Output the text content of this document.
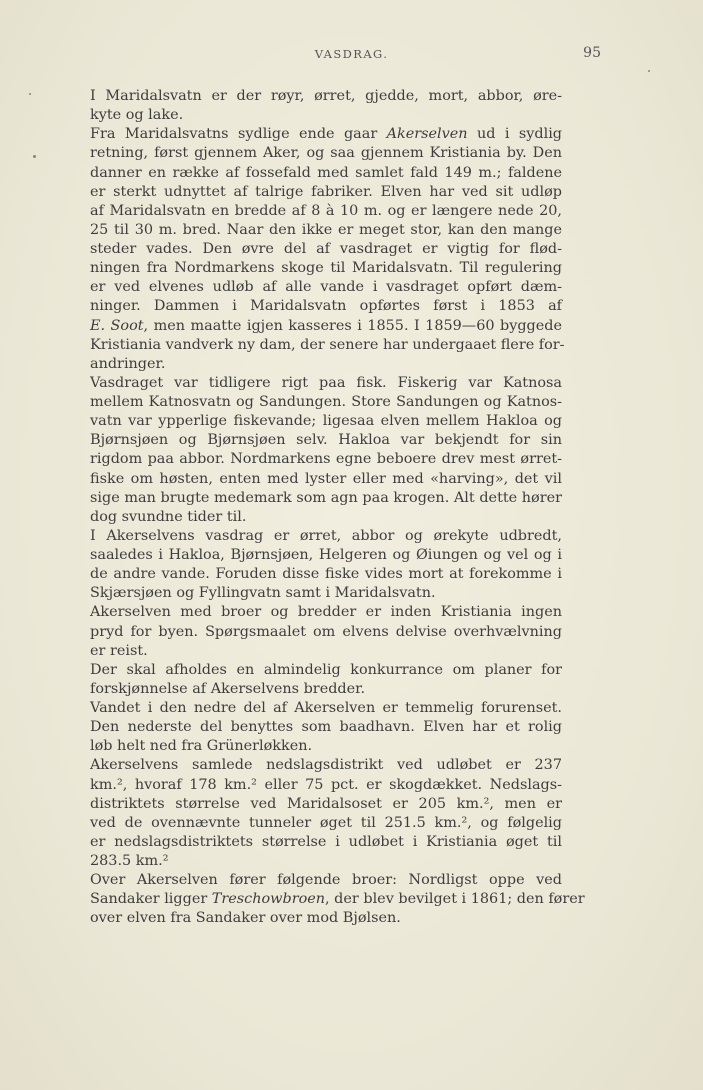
VASDRAG.	95

I Maridalsvatn er der røyr, ørret, gjedde, mort, abbor, øre-
kyte og lake.

Fra Maridalsvatns sydlige ende gaar Akerselven ud i sydlig
retning, først gjennem Aker, og saa gjennem Kristiania by. Den
danner en række af fossefald med samlet fald 149 m.; faldene
er sterkt udnyttet af talrige fabriker. Elven har ved sit udløp
af Maridalsvatn en bredde af 8 à 10 m. og er længere nede 20,
25 til 30 m. bred. Naar den ikke er meget stor, kan den mange
steder vades. Den øvre del af vasdraget er vigtig for flød-
ningen fra Nordmarkens skoge til Maridalsvatn. Til regulering
er ved elvenes udløb af alle vande i vasdraget opført dæm-
ninger. Dammen i Maridalsvatn opførtes først i 1853 af
E. Soot, men maatte igjen kasseres i 1855. I 1859—60 byggede
Kristiania vandverk ny dam, der senere har undergaaet flere for-
andringer.

Vasdraget var tidligere rigt paa fisk. Fiskerig var Katnosa
mellem Katnosvatn og Sandungen. Store Sandungen og Katnos-
vatn var ypperlige fiskevande; ligesaa elven mellem Hakloa og
Bjørnsjøen og Bjørnsjøen selv. Hakloa var bekjendt for sin
rigdom paa abbor. Nordmarkens egne beboere drev mest ørret-
fiske om høsten, enten med lyster eller med «harving», det vil
sige man brugte medemark som agn paa krogen. Alt dette hører
dog svundne tider til.

I Akerselvens vasdrag er ørret, abbor og ørekyte udbredt,
saaledes i Hakloa, Bjørnsjøen, Helgeren og Øiungen og vel og i
de andre vande. Foruden disse fiske vides mort at forekomme i
Skjærsjøen og Fyllingvatn samt i Maridalsvatn.

Akerselven med broer og bredder er inden Kristiania ingen
pryd for byen. Spørgsmaalet om elvens delvise overhvælvning
er reist.

Der skal afholdes en almindelig konkurrance om planer for
forskjønnelse af Akerselvens bredder.

Vandet i den nedre del af Akerselven er temmelig forurenset.
Den nederste del benyttes som baadhavn. Elven har et rolig
løb helt ned fra Grünerløkken.

Akerselvens samlede nedslagsdistrikt ved udløbet er 237
km.², hvoraf 178 km.² eller 75 pct. er skogdækket. Nedslags-
distriktets størrelse ved Maridalsoset er 205 km.², men er
ved de ovennævnte tunneler øget til 251.5 km.², og følgelig
er nedslagsdistriktets størrelse i udløbet i Kristiania øget til
283.5 km.²

Over Akerselven fører følgende broer: Nordligst oppe ved
Sandaker ligger Treschowbroen, der blev bevilget i 1861; den fører
over elven fra Sandaker over mod Bjølsen.
